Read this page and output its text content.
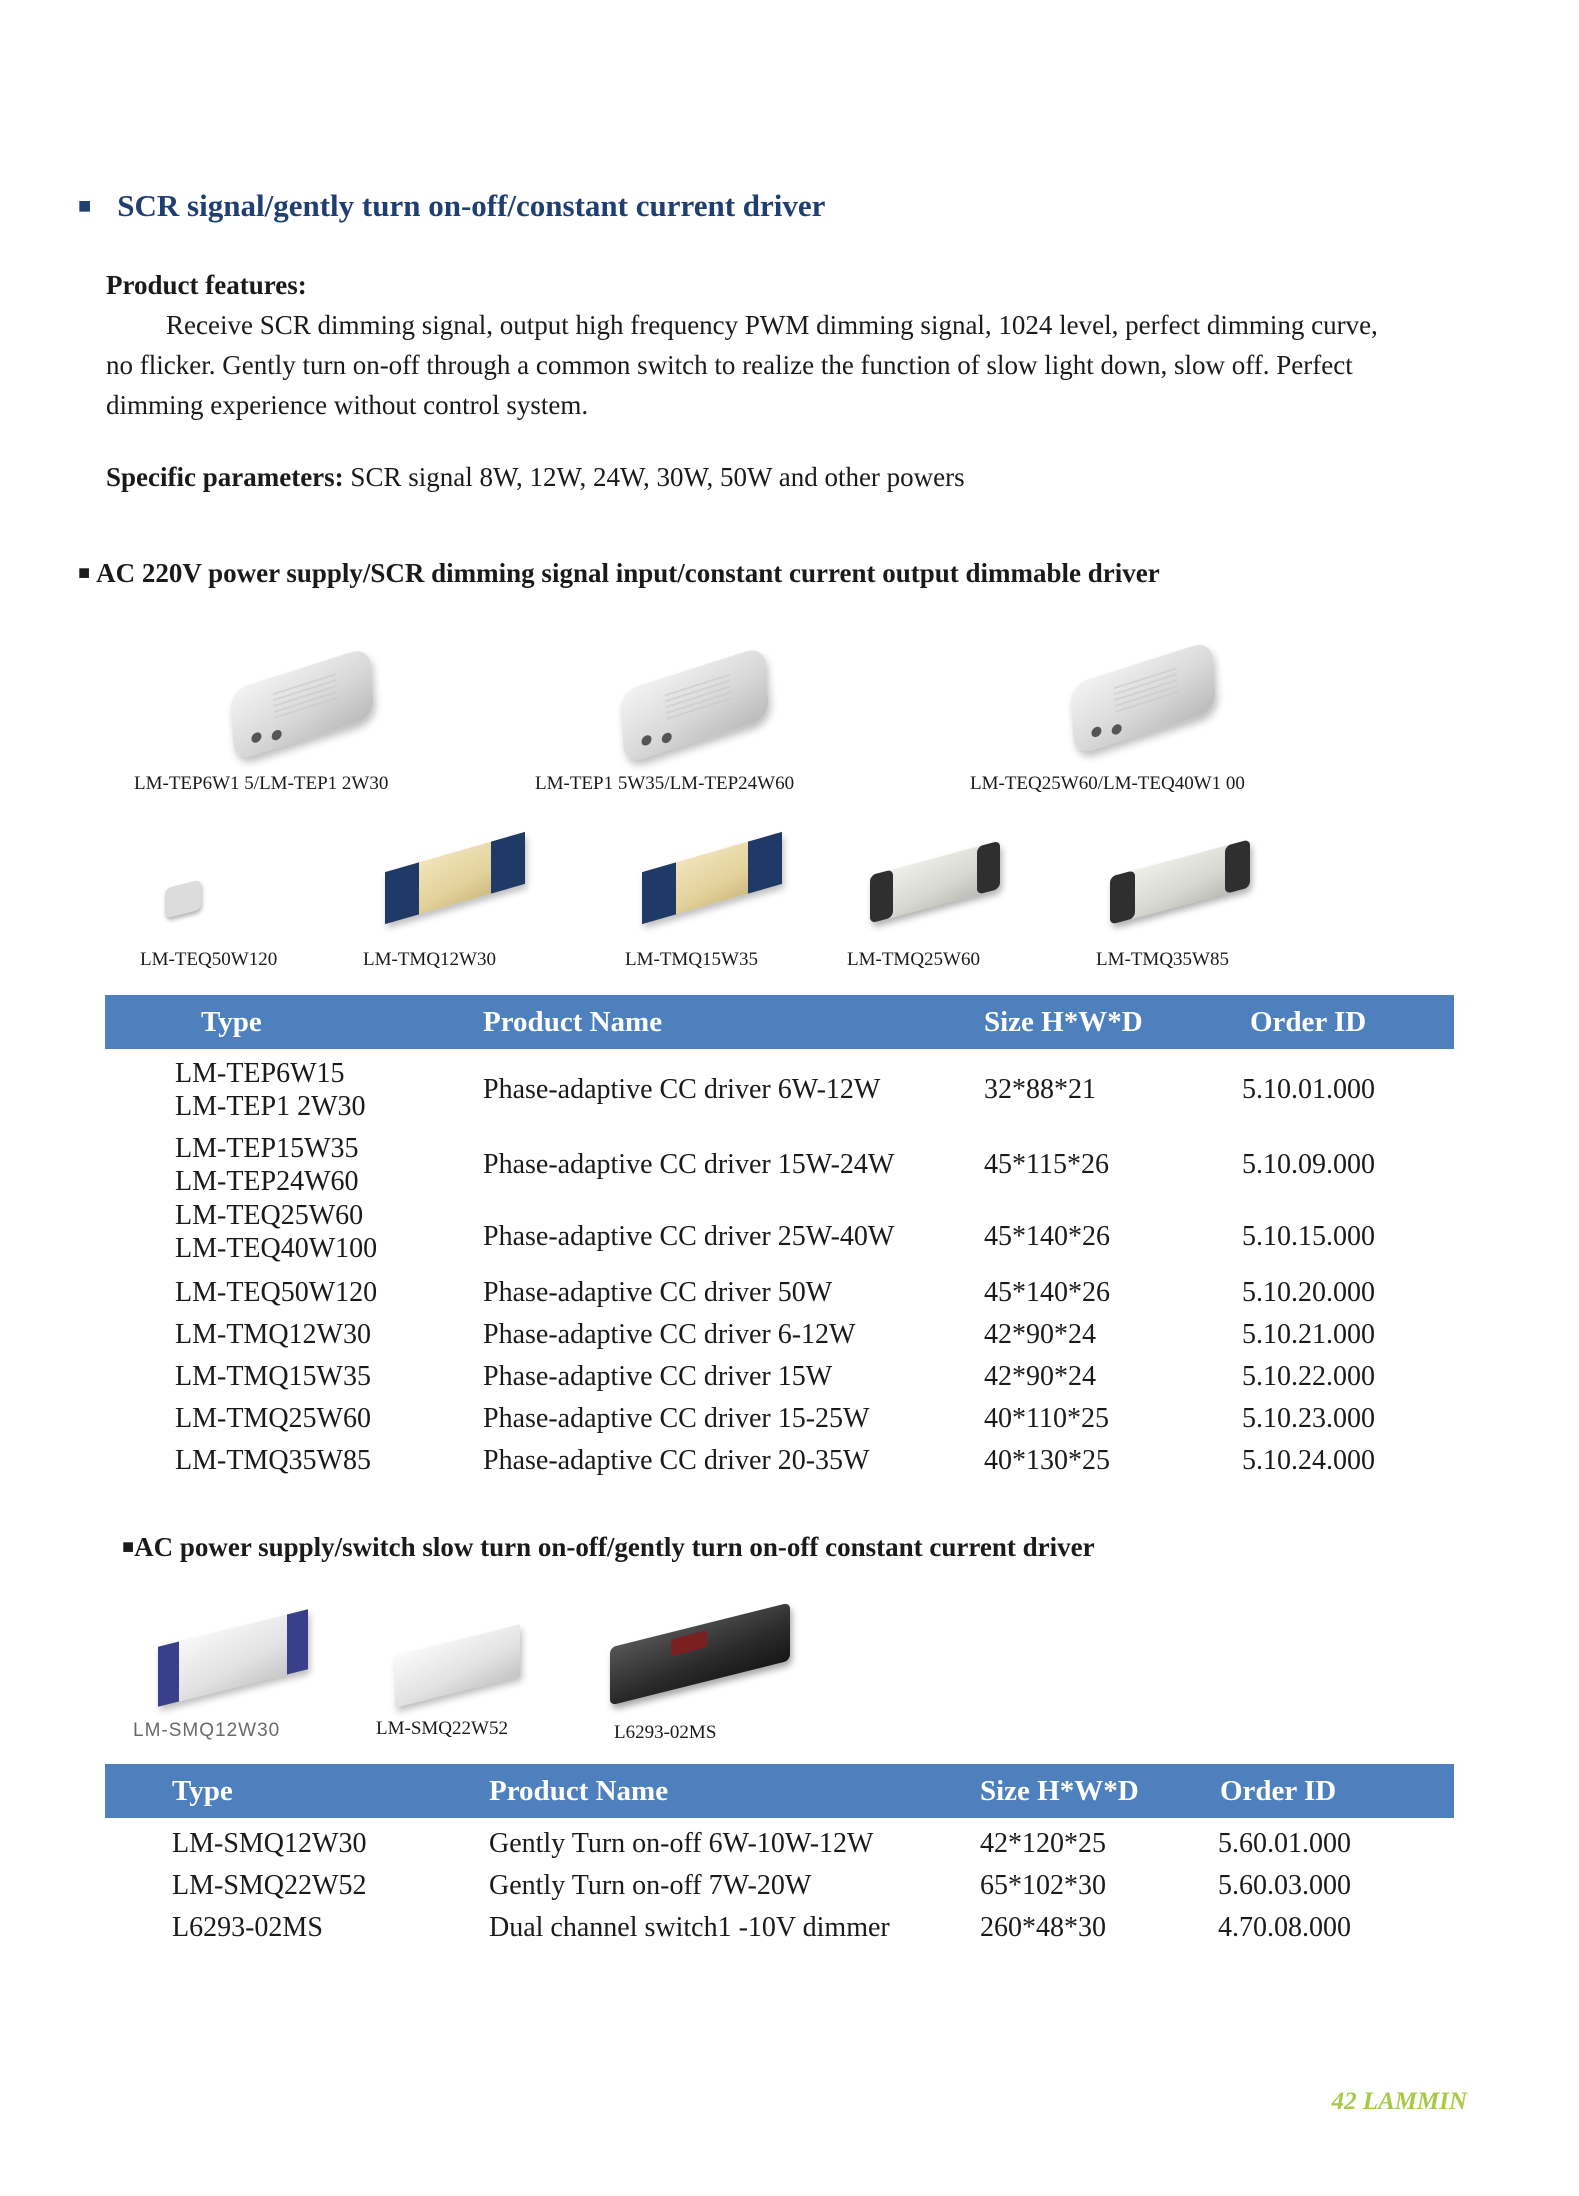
■ SCR signal/gently turn on-off/constant current driver
Product features:
Receive SCR dimming signal, output high frequency PWM dimming signal, 1024 level, perfect dimming curve, no flicker. Gently turn on-off through a common switch to realize the function of slow light down, slow off. Perfect dimming experience without control system.
Specific parameters: SCR signal 8W, 12W, 24W, 30W, 50W and other powers
■ AC 220V power supply/SCR dimming signal input/constant current output dimmable driver
LM-TEP6W1 5/LM-TEP1 2W30	LM-TEP1 5W35/LM-TEP24W60	LM-TEQ25W60/LM-TEQ40W1 00
LM-TEQ50W120	LM-TMQ12W30	LM-TMQ15W35	LM-TMQ25W60	LM-TMQ35W85
Type	Product Name	Size H*W*D	Order ID
LM-TEP6W15
LM-TEP1 2W30
Phase-adaptive CC driver 6W-12W	32*88*21	5.10.01.000
LM-TEP15W35
LM-TEP24W60
Phase-adaptive CC driver 15W-24W	45*115*26	5.10.09.000
LM-TEQ25W60
LM-TEQ40W100	Phase-adaptive CC driver 25W-40W	45*140*26	5.10.15.000
LM-TEQ50W120	Phase-adaptive CC driver 50W	45*140*26	5.10.20.000
LM-TMQ12W30	Phase-adaptive CC driver 6-12W	42*90*24	5.10.21.000
LM-TMQ15W35	Phase-adaptive CC driver 15W	42*90*24	5.10.22.000
LM-TMQ25W60	Phase-adaptive CC driver 15-25W	40*110*25	5.10.23.000
LM-TMQ35W85	Phase-adaptive CC driver 20-35W	40*130*25	5.10.24.000
■AC power supply/switch slow turn on-off/gently turn on-off constant current driver
LM-SMQ12W30	LM-SMQ22W52	L6293-02MS
Type	Product Name	Size H*W*D	Order ID
LM-SMQ12W30	Gently Turn on-off 6W-10W-12W	42*120*25	5.60.01.000
LM-SMQ22W52	Gently Turn on-off 7W-20W	65*102*30	5.60.03.000
L6293-02MS	Dual channel switch1 -10V dimmer	260*48*30	4.70.08.000
42 LAMMIN
